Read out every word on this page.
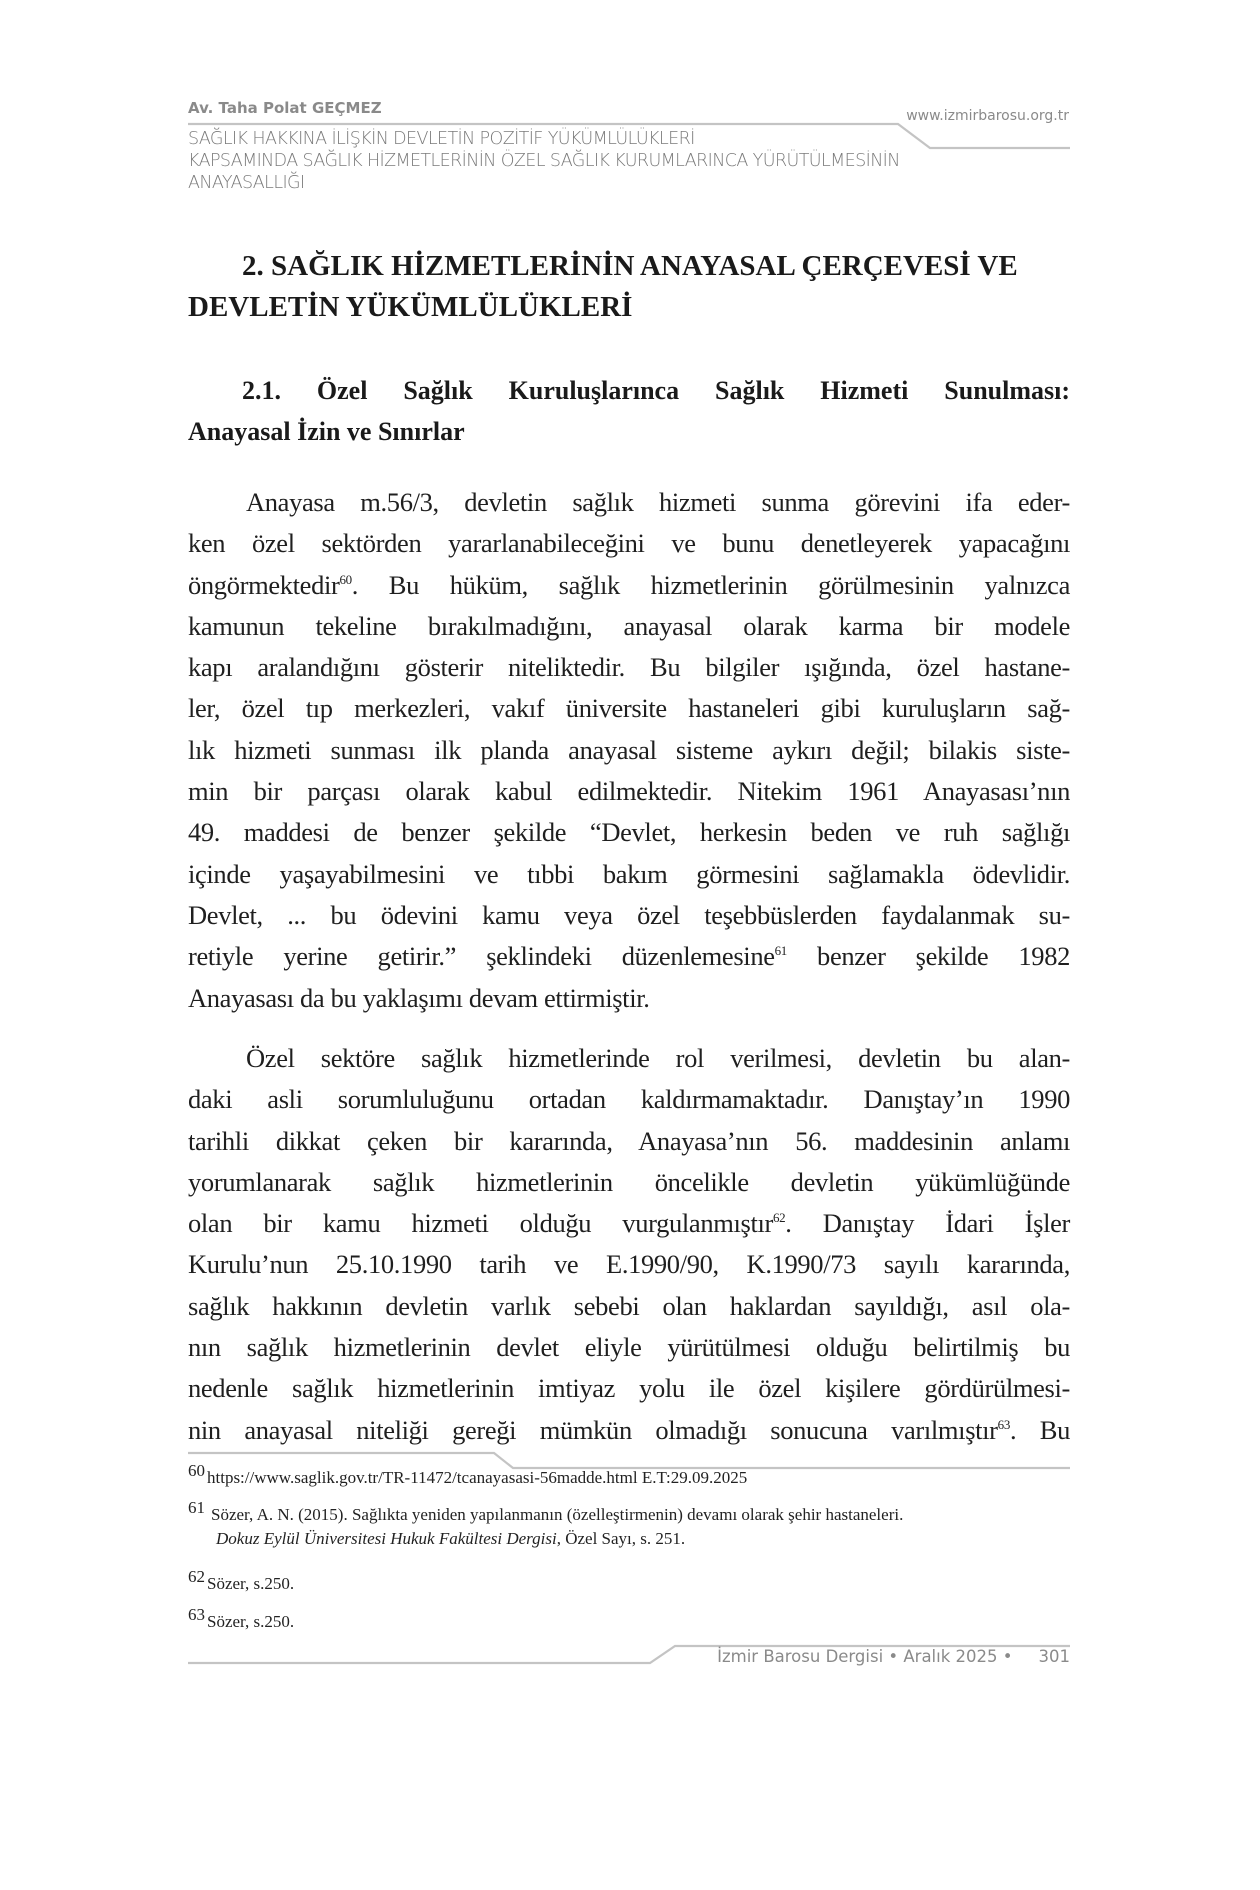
Av. Taha Polat GEÇMEZ	www.izmirbarosu.org.tr
SAĞLIK HAKKINA İLİŞKİN DEVLETİN POZİTİF YÜKÜMLÜLÜKLERİ
KAPSAMINDA SAĞLIK HİZMETLERİNİN ÖZEL SAĞLIK KURUMLARINCA YÜRÜTÜLMESİNİN
ANAYASALLIĞI
2. SAĞLIK HİZMETLERİNİN ANAYASAL ÇERÇEVESİ VE
DEVLETİN YÜKÜMLÜLÜKLERİ
2.1. Özel Sağlık Kuruluşlarınca Sağlık Hizmeti Sunulması:
Anayasal İzin ve Sınırlar
Anayasa m.56/3, devletin sağlık hizmeti sunma görevini ifa eder-
ken özel sektörden yararlanabileceğini ve bunu denetleyerek yapacağını
öngörmektedir$^{60}$. Bu hüküm, sağlık hizmetlerinin görülmesinin yalnızca
kamunun tekeline bırakılmadığını, anayasal olarak karma bir modele
kapı aralandığını gösterir niteliktedir. Bu bilgiler ışığında, özel hastane-
ler, özel tıp merkezleri, vakıf üniversite hastaneleri gibi kuruluşların sağ-
lık hizmeti sunması ilk planda anayasal sisteme aykırı değil; bilakis siste-
min bir parçası olarak kabul edilmektedir. Nitekim 1961 Anayasası’nın
49. maddesi de benzer şekilde “Devlet, herkesin beden ve ruh sağlığı
içinde yaşayabilmesini ve tıbbi bakım görmesini sağlamakla ödevlidir.
Devlet, ... bu ödevini kamu veya özel teşebbüslerden faydalanmak su-
retiyle yerine getirir.” şeklindeki düzenlemesine$^{61}$ benzer şekilde 1982
Anayasası da bu yaklaşımı devam ettirmiştir.
Özel sektöre sağlık hizmetlerinde rol verilmesi, devletin bu alan-
daki asli sorumluluğunu ortadan kaldırmamaktadır. Danıştay’ın 1990
tarihli dikkat çeken bir kararında, Anayasa’nın 56. maddesinin anlamı
yorumlanarak sağlık hizmetlerinin öncelikle devletin yükümlüğünde
olan bir kamu hizmeti olduğu vurgulanmıştır$^{62}$. Danıştay İdari İşler
Kurulu’nun 25.10.1990 tarih ve E.1990/90, K.1990/73 sayılı kararında,
sağlık hakkının devletin varlık sebebi olan haklardan sayıldığı, asıl ola-
nın sağlık hizmetlerinin devlet eliyle yürütülmesi olduğu belirtilmiş bu
nedenle sağlık hizmetlerinin imtiyaz yolu ile özel kişilere gördürülmesi-
nin anayasal niteliği gereği mümkün olmadığı sonucuna varılmıştır$^{63}$. Bu
60 https://www.saglik.gov.tr/TR-11472/tcanayasasi-56madde.html E.T:29.09.2025
61 Sözer, A. N. (2015). Sağlıkta yeniden yapılanmanın (özelleştirmenin) devamı olarak şehir hastaneleri.
Dokuz Eylül Üniversitesi Hukuk Fakültesi Dergisi, Özel Sayı, s. 251.
62 Sözer, s.250.
63 Sözer, s.250.
İzmir Barosu Dergisi • Aralık 2025 • 301
